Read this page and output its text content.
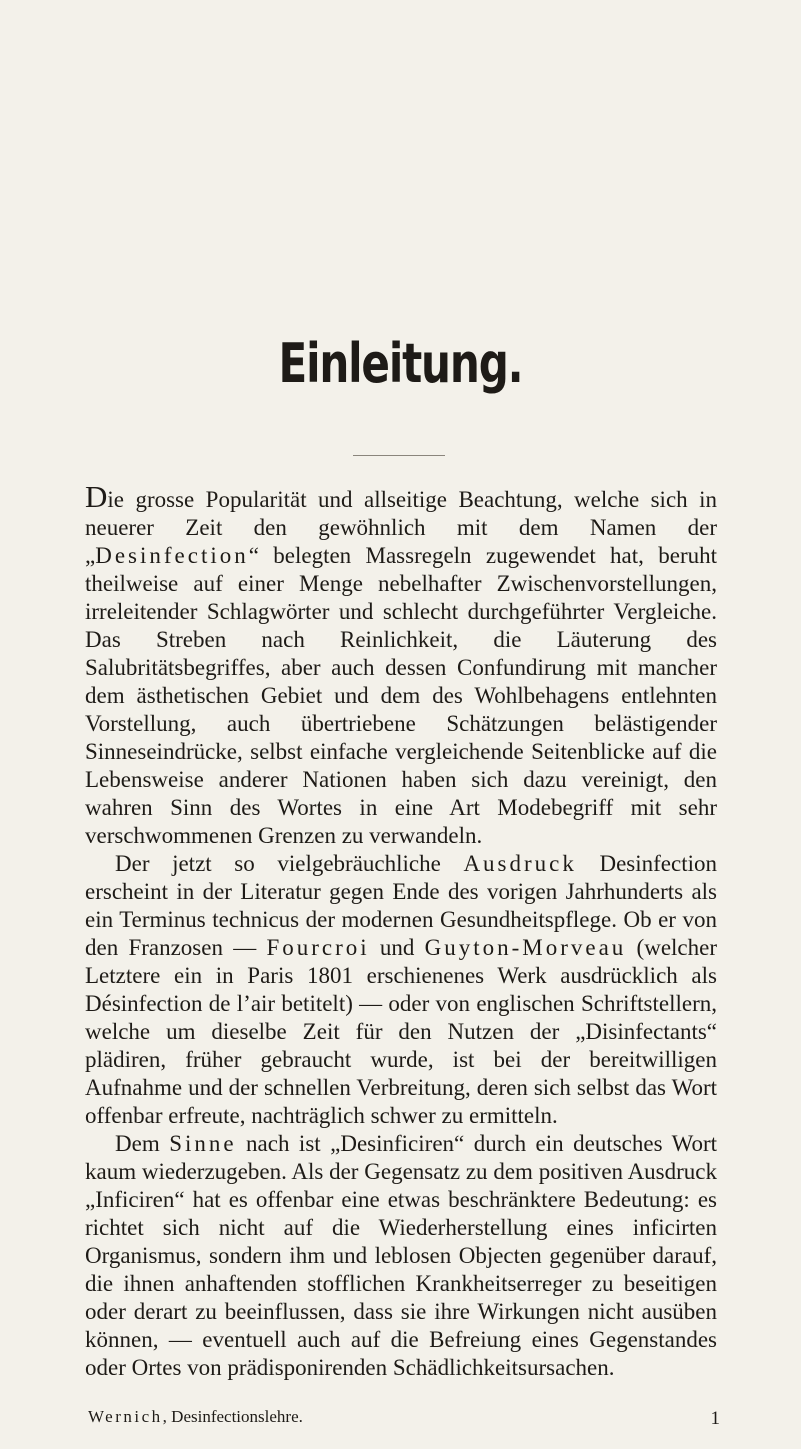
Einleitung.

Die grosse Popularität und allseitige Beachtung, welche sich in neuerer Zeit den gewöhnlich mit dem Namen der „Desinfection“ belegten Massregeln zugewendet hat, beruht theilweise auf einer Menge nebelhafter Zwischenvorstellungen, irreleitender Schlagwörter und schlecht durchgeführter Vergleiche. Das Streben nach Reinlichkeit, die Läuterung des Salubritätsbegriffes, aber auch dessen Confundirung mit mancher dem ästhetischen Gebiet und dem des Wohlbehagens entlehnten Vorstellung, auch übertriebene Schätzungen belästigender Sinneseindrücke, selbst einfache vergleichende Seitenblicke auf die Lebensweise anderer Nationen haben sich dazu vereinigt, den wahren Sinn des Wortes in eine Art Modebegriff mit sehr verschwommenen Grenzen zu verwandeln.

Der jetzt so vielgebräuchliche Ausdruck Desinfection erscheint in der Literatur gegen Ende des vorigen Jahrhunderts als ein Terminus technicus der modernen Gesundheitspflege. Ob er von den Franzosen — Fourcroi und Guyton-Morveau (welcher Letztere ein in Paris 1801 erschienenes Werk ausdrücklich als Désinfection de l’air betitelt) — oder von englischen Schriftstellern, welche um dieselbe Zeit für den Nutzen der „Disinfectants“ plädiren, früher gebraucht wurde, ist bei der bereitwilligen Aufnahme und der schnellen Verbreitung, deren sich selbst das Wort offenbar erfreute, nachträglich schwer zu ermitteln.

Dem Sinne nach ist „Desinficiren“ durch ein deutsches Wort kaum wiederzugeben. Als der Gegensatz zu dem positiven Ausdruck „Inficiren“ hat es offenbar eine etwas beschränktere Bedeutung: es richtet sich nicht auf die Wiederherstellung eines inficirten Organismus, sondern ihm und leblosen Objecten gegenüber darauf, die ihnen anhaftenden stofflichen Krankheitserreger zu beseitigen oder derart zu beeinflussen, dass sie ihre Wirkungen nicht ausüben können, — eventuell auch auf die Befreiung eines Gegenstandes oder Ortes von prädisponirenden Schädlichkeitsursachen.

Wernich, Desinfectionslehre.	1
